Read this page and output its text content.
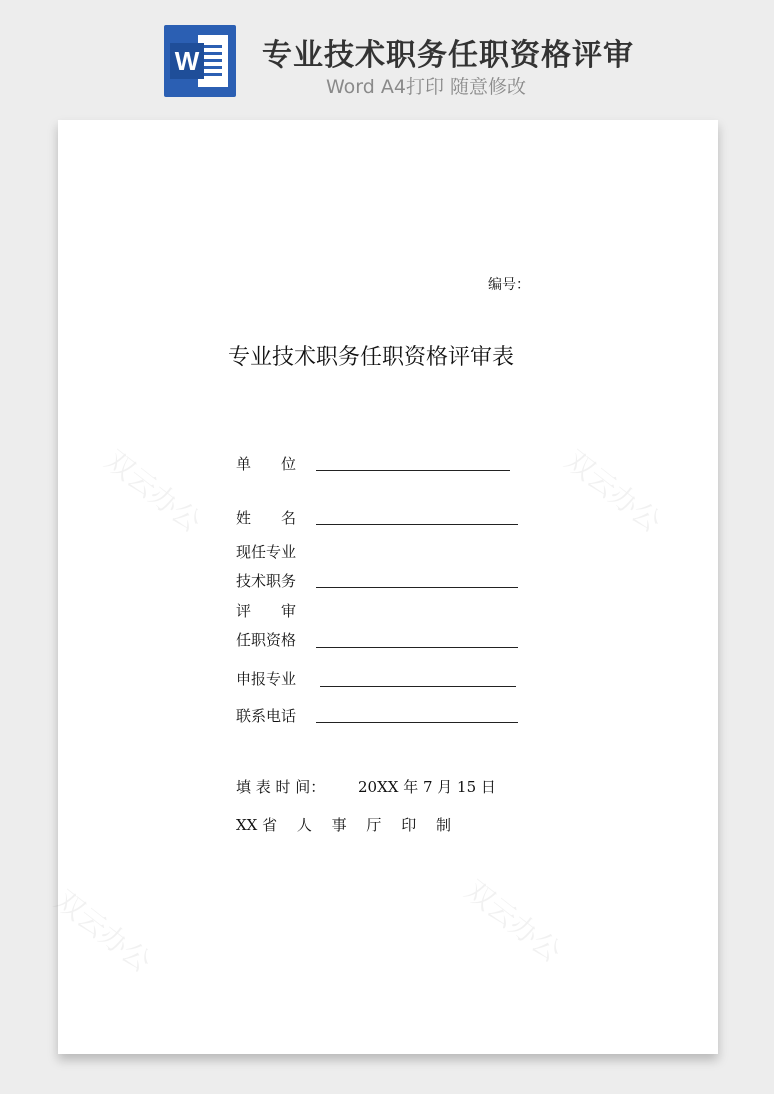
W 专业技术职务任职资格评审
Word A4打印 随意修改
双云办公	双云办公
双云办公
双云办公
编号：
专业技术职务任职资格评审表
单　　位
姓　　名
现任专业
技术职务
评　　审
任职资格
申报专业
联系电话
填 表 时 间： 20XX 年 7 月 15 日
XX 省　 人　 事　 厅　 印　 制
